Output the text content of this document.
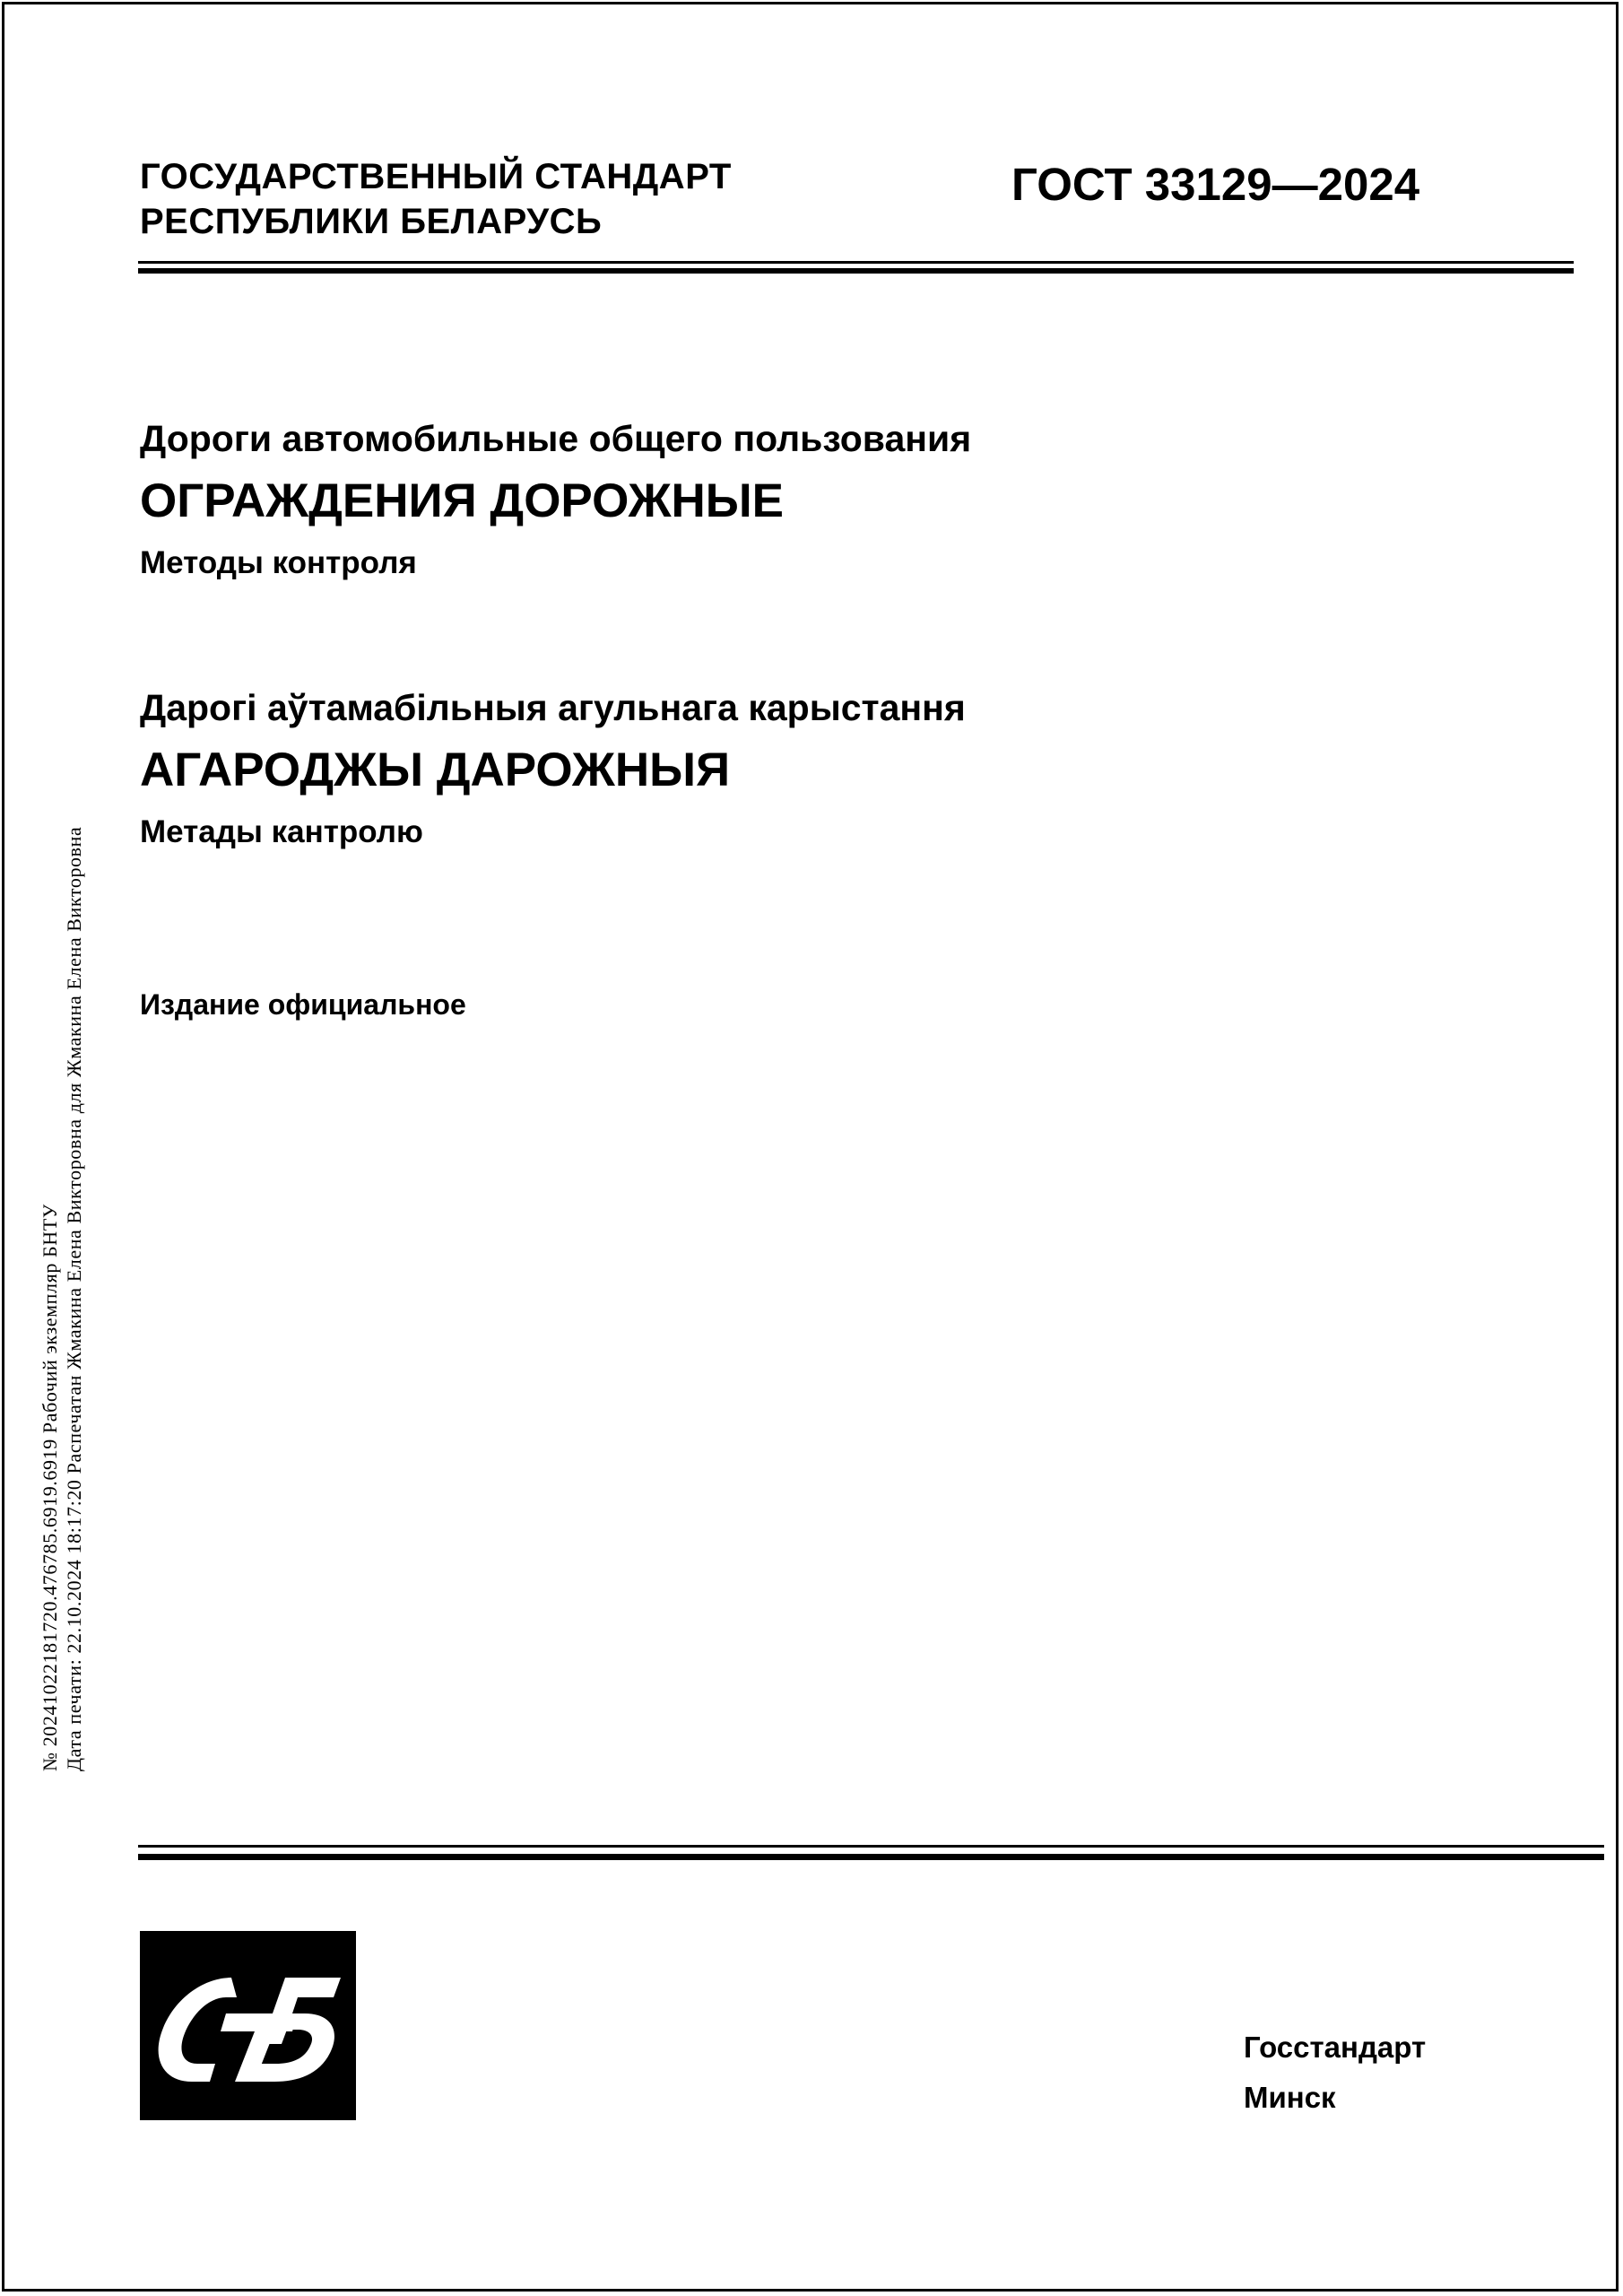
ГОСУДАРСТВЕННЫЙ СТАНДАРТ
РЕСПУБЛИКИ БЕЛАРУСЬ
ГОСТ 33129—2024
Дороги автомобильные общего пользования
ОГРАЖДЕНИЯ ДОРОЖНЫЕ
Методы контроля
Дарогі аўтамабільныя агульнага карыстання
АГАРОДЖЫ ДАРОЖНЫЯ
Метады кантролю
Издание официальное
№ 20241022181720.476785.6919.6919 Рабочий экземпляр БНТУ Дата печати: 22.10.2024 18:17:20 Распечатан Жмакина Елена Викторовна для Жмакина Елена Викторовна
Госстандарт
Минск
